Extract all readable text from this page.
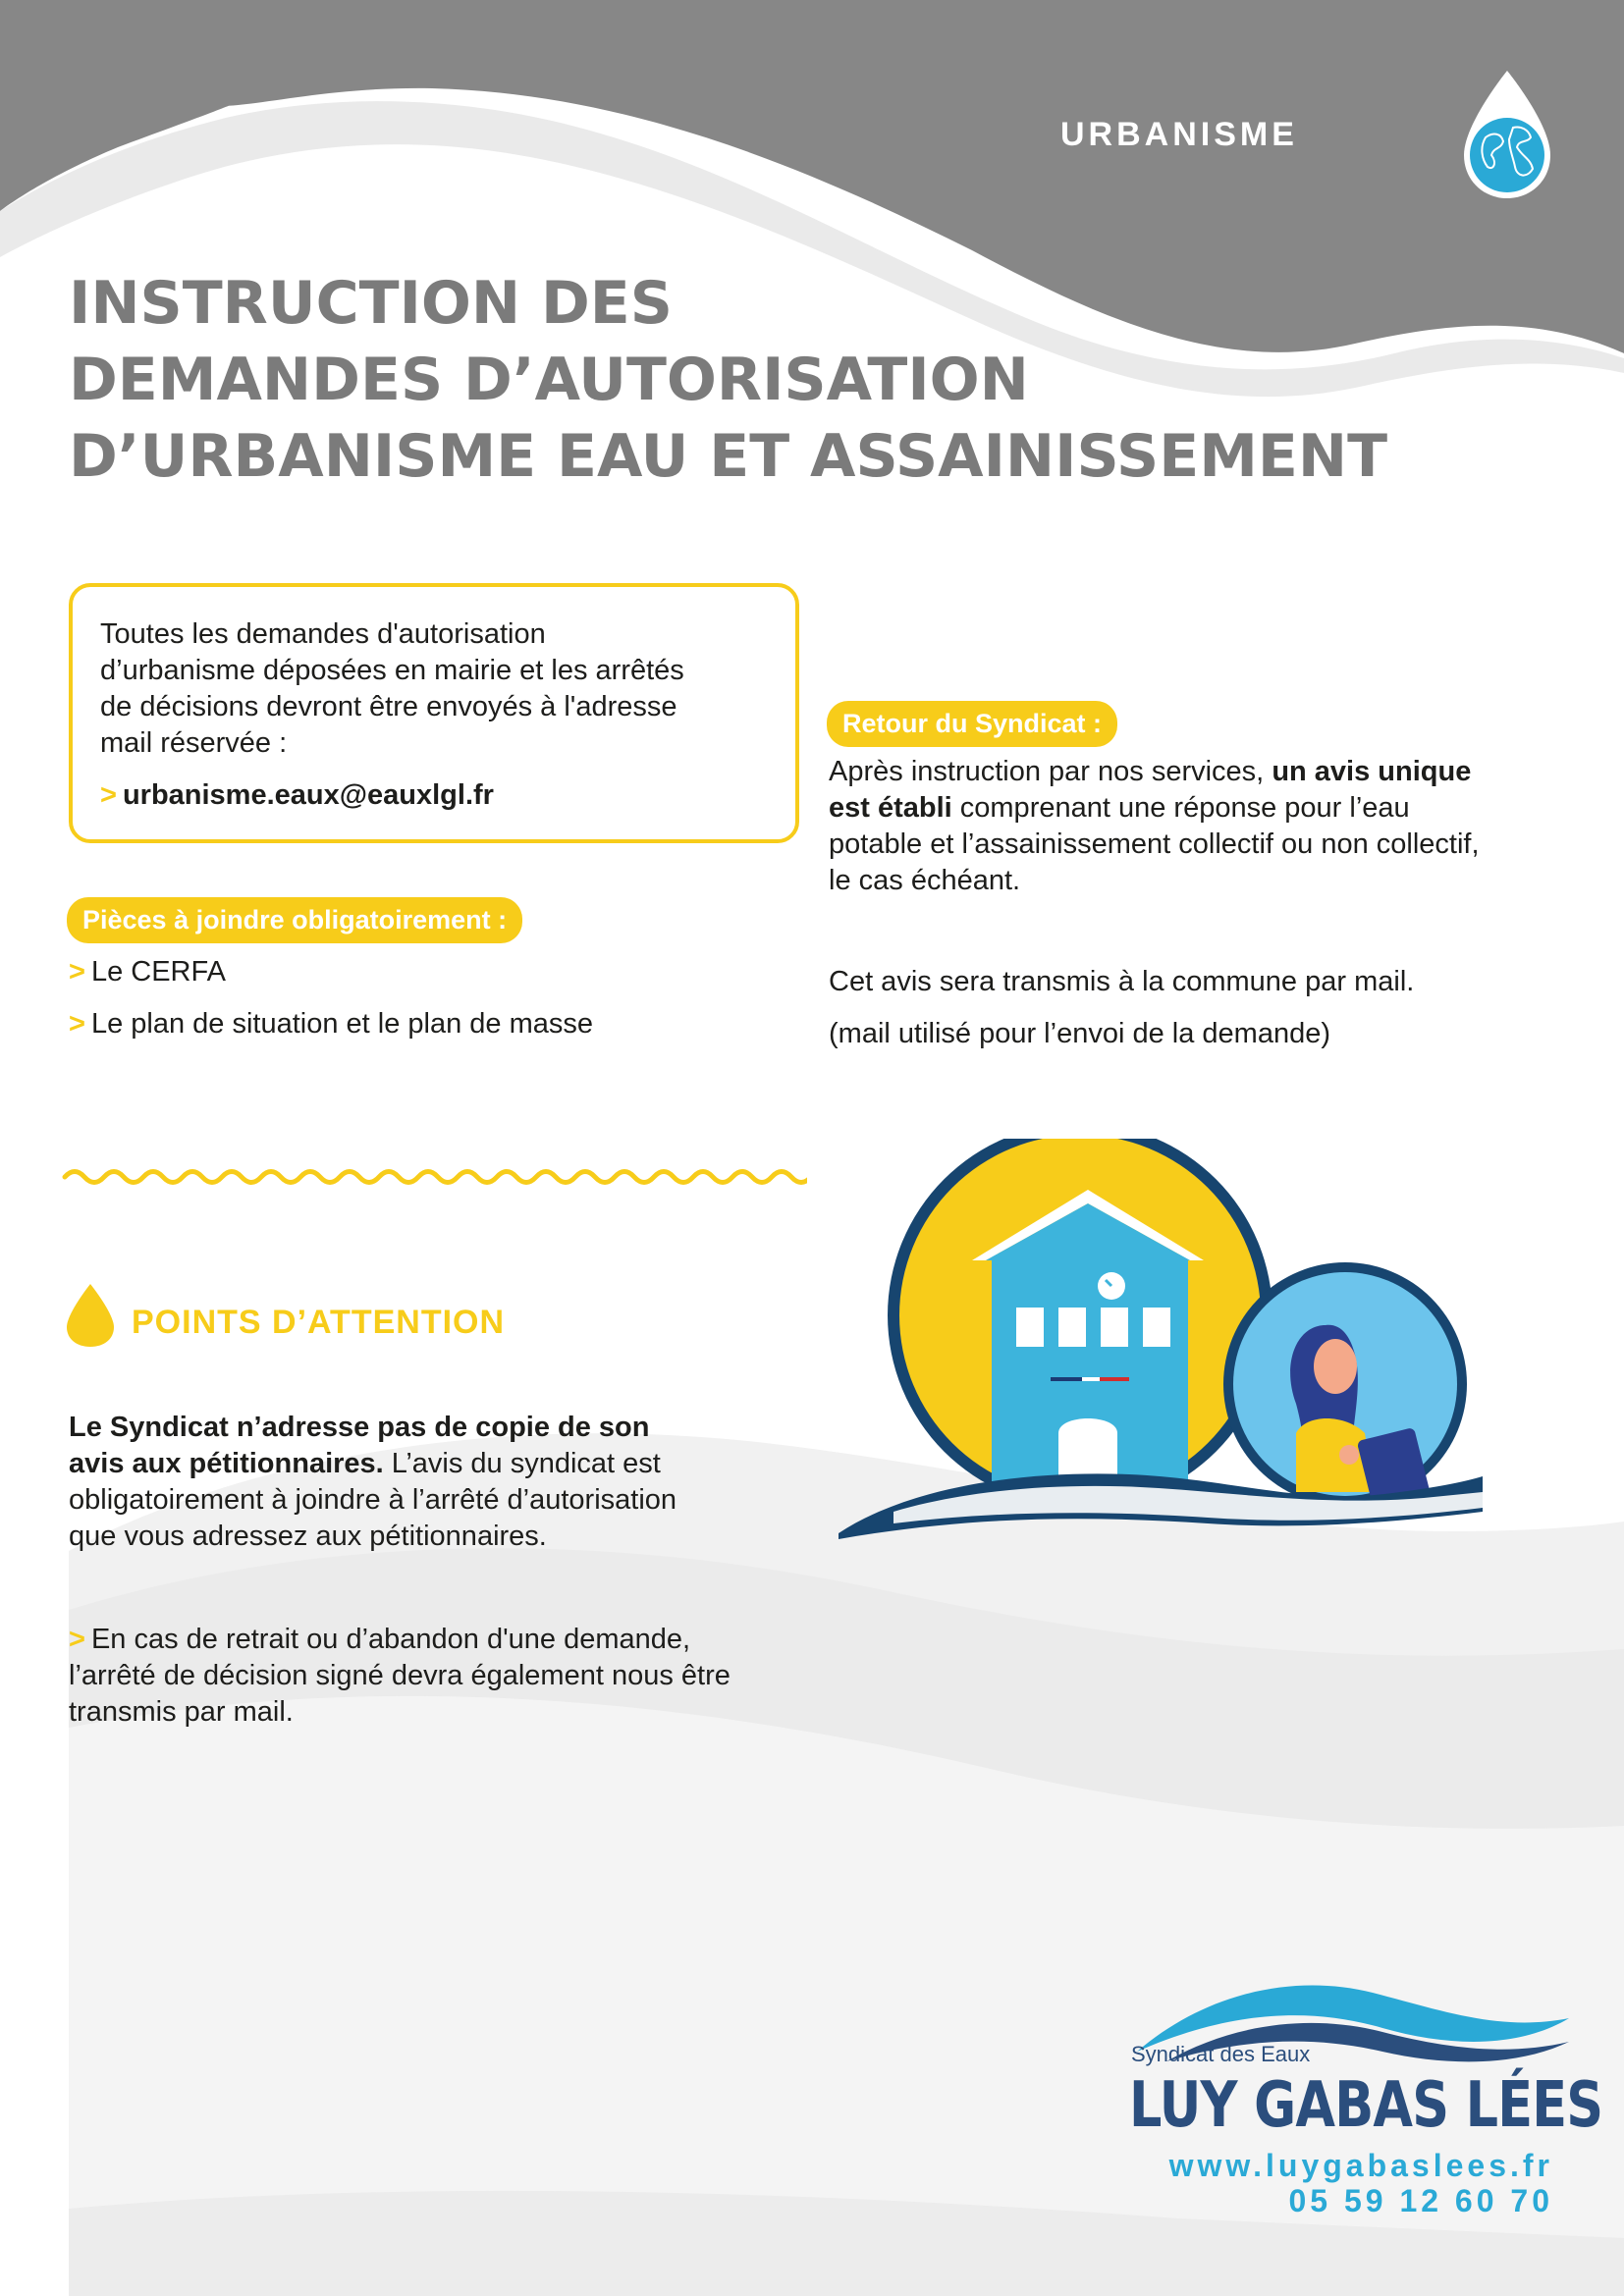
URBANISME
INSTRUCTION DES
DEMANDES D’AUTORISATION
D’URBANISME EAU ET ASSAINISSEMENT
Toutes les demandes d'autorisation
d’urbanisme déposées en mairie et les arrêtés
de décisions devront être envoyés à l'adresse
mail réservée :
> urbanisme.eaux@eauxlgl.fr
Pièces à joindre obligatoirement :
> Le CERFA
> Le plan de situation et le plan de masse
Retour du Syndicat :
Après instruction par nos services, un avis unique
est établi comprenant une réponse pour l’eau
potable et l’assainissement collectif ou non collectif,
le cas échéant.
Cet avis sera transmis à la commune par mail.
(mail utilisé pour l’envoi de la demande)
POINTS D’ATTENTION
Le Syndicat n’adresse pas de copie de son
avis aux pétitionnaires. L’avis du syndicat est
obligatoirement à joindre à l’arrêté d’autorisation
que vous adressez aux pétitionnaires.
> En cas de retrait ou d’abandon d'une demande,
l’arrêté de décision signé devra également nous être
transmis par mail.
Syndicat des Eaux
LUY GABAS LÉES
www.luygabaslees.fr
05 59 12 60 70
